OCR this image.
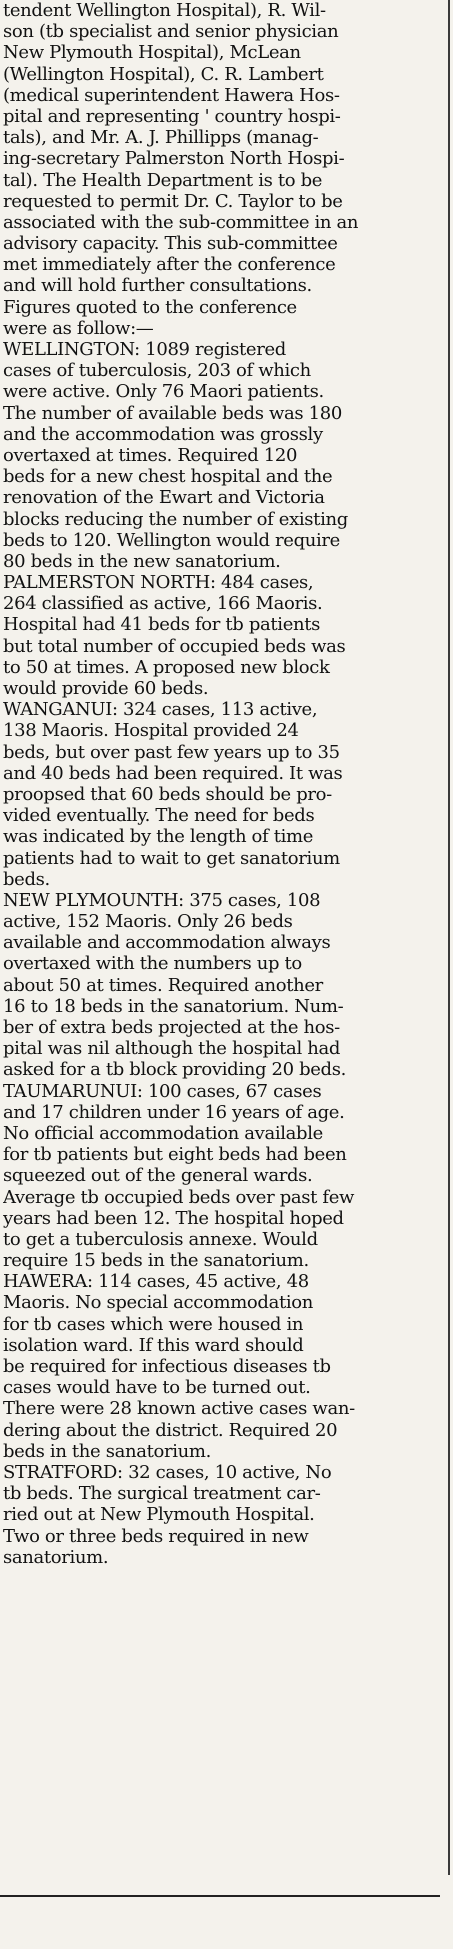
tendent Wellington Hospital), R. Wil-
son (tb specialist and senior physician
New Plymouth Hospital), McLean
(Wellington Hospital), C. R. Lambert
(medical superintendent Hawera Hos-
pital and representing ' country hospi-
tals), and Mr. A. J. Phillipps (manag-
ing-secretary Palmerston North Hospi-
tal). The Health Department is to be
requested to permit Dr. C. Taylor to be
associated with the sub-committee in an
advisory capacity. This sub-committee
met immediately after the conference
and will hold further consultations.
Figures quoted to the conference
were as follow:—
WELLINGTON: 1089 registered
cases of tuberculosis, 203 of which
were active. Only 76 Maori patients.
The number of available beds was 180
and the accommodation was grossly
overtaxed at times. Required 120
beds for a new chest hospital and the
renovation of the Ewart and Victoria
blocks reducing the number of existing
beds to 120. Wellington would require
80 beds in the new sanatorium.
PALMERSTON NORTH: 484 cases,
264 classified as active, 166 Maoris.
Hospital had 41 beds for tb patients
but total number of occupied beds was
to 50 at times. A proposed new block
would provide 60 beds.
WANGANUI: 324 cases, 113 active,
138 Maoris. Hospital provided 24
beds, but over past few years up to 35
and 40 beds had been required. It was
proopsed that 60 beds should be pro-
vided eventually. The need for beds
was indicated by the length of time
patients had to wait to get sanatorium
beds.
NEW PLYMOUNTH: 375 cases, 108
active, 152 Maoris. Only 26 beds
available and accommodation always
overtaxed with the numbers up to
about 50 at times. Required another
16 to 18 beds in the sanatorium. Num-
ber of extra beds projected at the hos-
pital was nil although the hospital had
asked for a tb block providing 20 beds.
TAUMARUNUI: 100 cases, 67 cases
and 17 children under 16 years of age.
No official accommodation available
for tb patients but eight beds had been
squeezed out of the general wards.
Average tb occupied beds over past few
years had been 12. The hospital hoped
to get a tuberculosis annexe. Would
require 15 beds in the sanatorium.
HAWERA: 114 cases, 45 active, 48
Maoris. No special accommodation
for tb cases which were housed in
isolation ward. If this ward should
be required for infectious diseases tb
cases would have to be turned out.
There were 28 known active cases wan-
dering about the district. Required 20
beds in the sanatorium.
STRATFORD: 32 cases, 10 active, No
tb beds. The surgical treatment car-
ried out at New Plymouth Hospital.
Two or three beds required in new
sanatorium.
